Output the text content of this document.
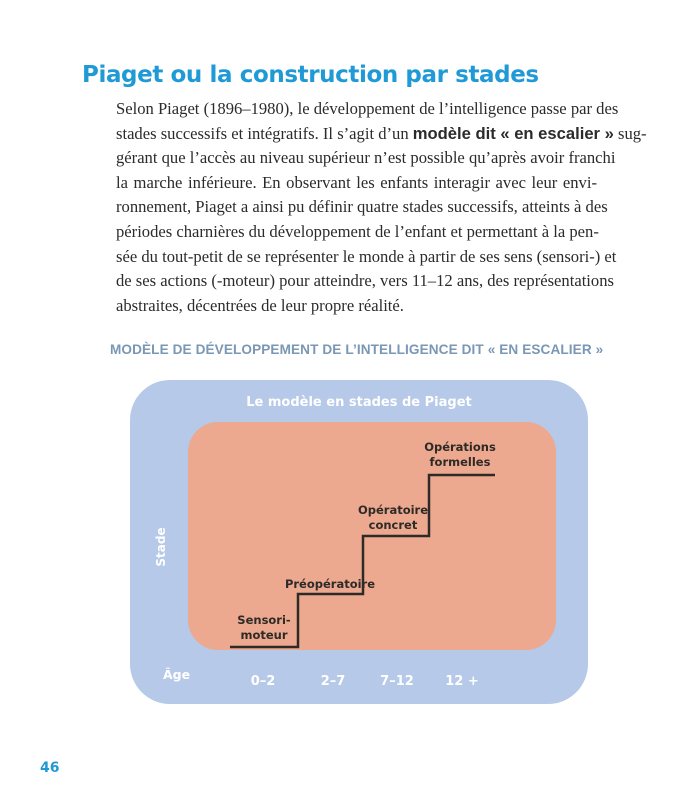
Piaget ou la construction par stades
Selon Piaget (1896–1980), le développement de l’intelligence passe par des
stades successifs et intégratifs. Il s’agit d’un modèle dit « en escalier » sug-
gérant que l’accès au niveau supérieur n’est possible qu’après avoir franchi
la marche inférieure. En observant les enfants interagir avec leur envi-
ronnement, Piaget a ainsi pu définir quatre stades successifs, atteints à des
périodes charnières du développement de l’enfant et permettant à la pen-
sée du tout-petit de se représenter le monde à partir de ses sens (sensori-) et
de ses actions (-moteur) pour atteindre, vers 11–12 ans, des représentations
abstraites, décentrées de leur propre réalité.
MODÈLE DE DÉVELOPPEMENT DE L’INTELLIGENCE DIT « EN ESCALIER »
Le modèle en stades de Piaget
Stade
Sensori-
moteur
Préopératoire
Opératoire
concret
Opérations
formelles
Âge	0–2	2–7	7–12	12 +
46
